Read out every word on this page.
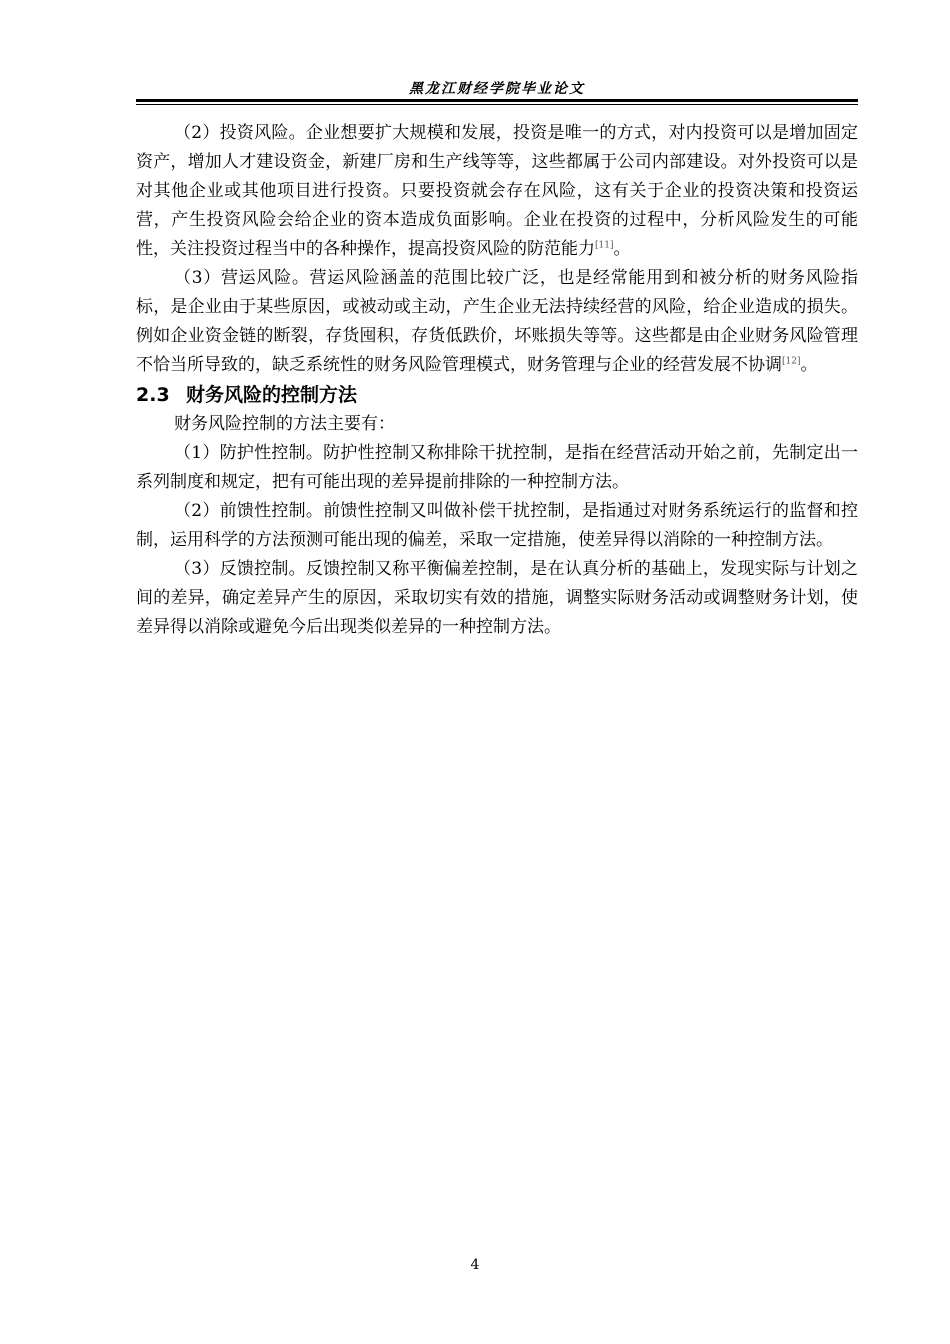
黑龙江财经学院毕业论文

（2）投资风险。企业想要扩大规模和发展，投资是唯一的方式，对内投资可以是增加固定资产，增加人才建设资金，新建厂房和生产线等等，这些都属于公司内部建设。对外投资可以是对其他企业或其他项目进行投资。只要投资就会存在风险，这有关于企业的投资决策和投资运营，产生投资风险会给企业的资本造成负面影响。企业在投资的过程中，分析风险发生的可能性，关注投资过程当中的各种操作，提高投资风险的防范能力[11]。

（3）营运风险。营运风险涵盖的范围比较广泛，也是经常能用到和被分析的财务风险指标，是企业由于某些原因，或被动或主动，产生企业无法持续经营的风险，给企业造成的损失。例如企业资金链的断裂，存货囤积，存货低跌价，坏账损失等等。这些都是由企业财务风险管理不恰当所导致的，缺乏系统性的财务风险管理模式，财务管理与企业的经营发展不协调[12]。

2.3 财务风险的控制方法

财务风险控制的方法主要有：

（1）防护性控制。防护性控制又称排除干扰控制，是指在经营活动开始之前，先制定出一系列制度和规定，把有可能出现的差异提前排除的一种控制方法。

（2）前馈性控制。前馈性控制又叫做补偿干扰控制，是指通过对财务系统运行的监督和控制，运用科学的方法预测可能出现的偏差，采取一定措施，使差异得以消除的一种控制方法。

（3）反馈控制。反馈控制又称平衡偏差控制，是在认真分析的基础上，发现实际与计划之间的差异，确定差异产生的原因，采取切实有效的措施，调整实际财务活动或调整财务计划，使差异得以消除或避免今后出现类似差异的一种控制方法。

4
